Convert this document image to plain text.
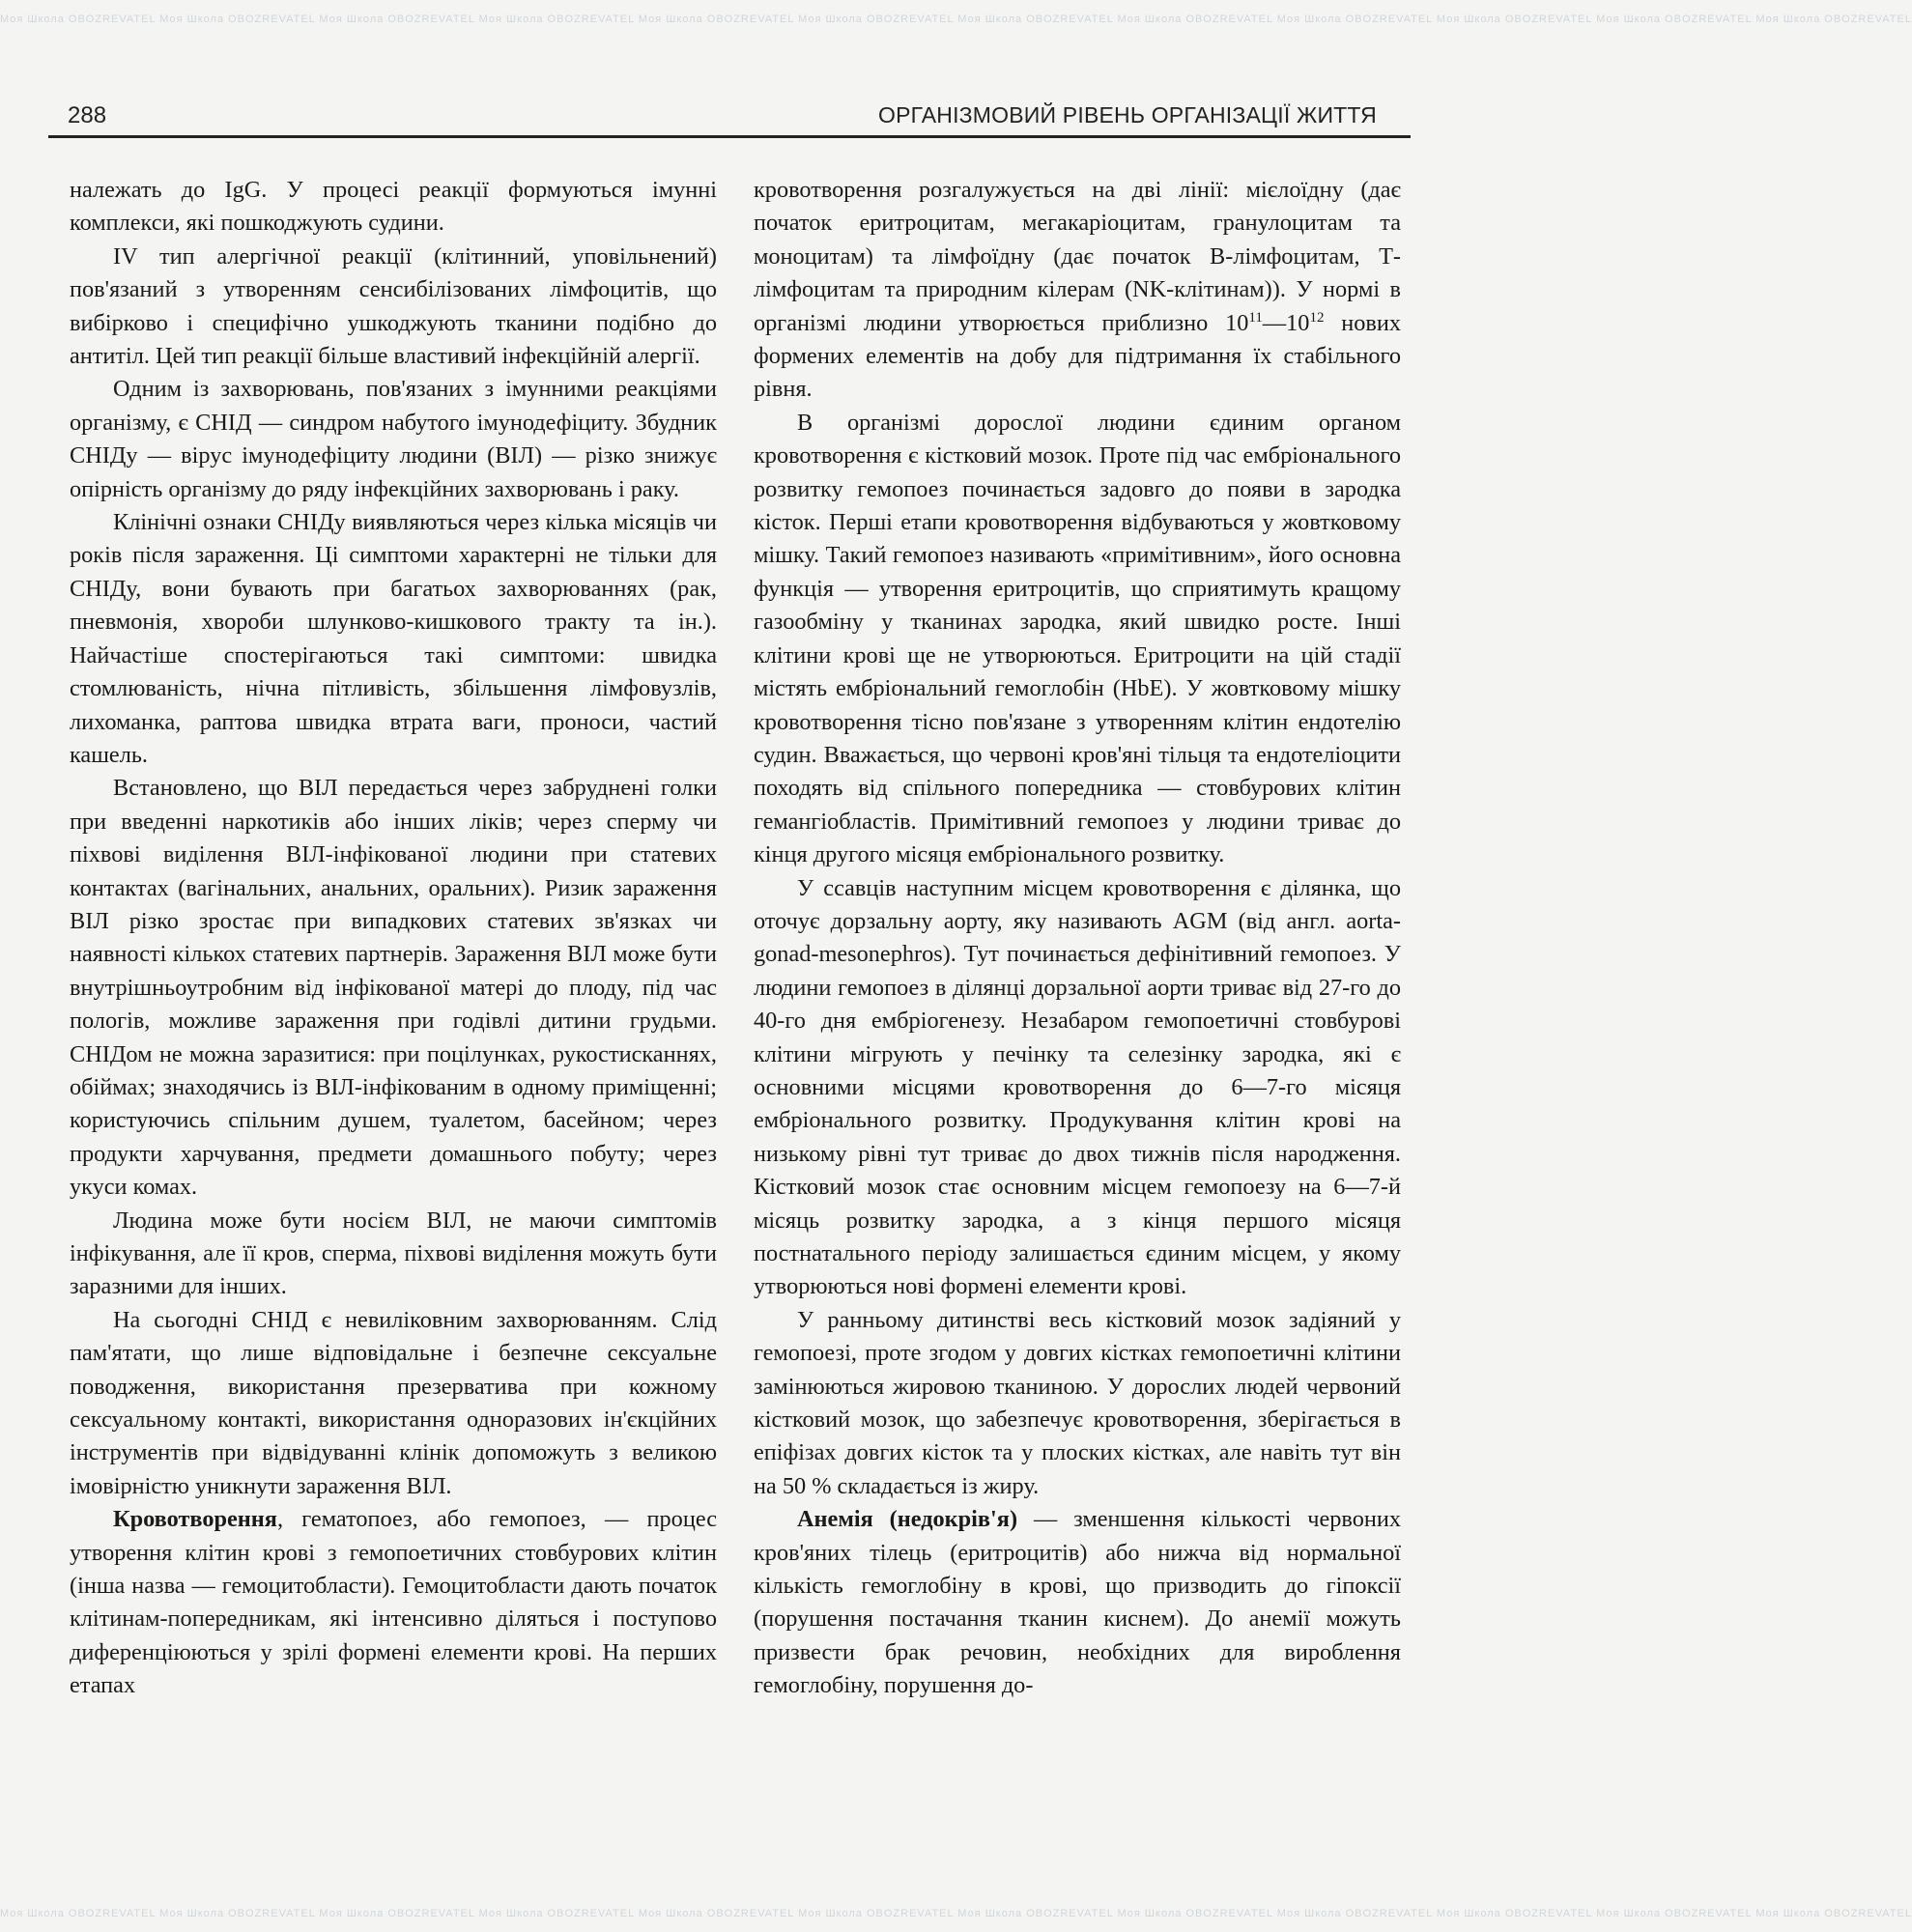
Моя Школа OBOZREVATEL Моя Школа OBOZREVATEL Моя Школа OBOZREVATEL Моя Школа OBOZREVATEL Моя Школа OBOZREVATEL Моя Школа OBOZREVATEL Моя Школа OBOZREVATEL Моя Школа OBOZREVATEL Моя Школа OBOZREVATEL Моя Школа OBOZREVATEL Моя Школа OBOZREVATEL Моя Школа OBOZREVATEL
Моя Школа OBOZREVATEL Моя Школа OBOZREVATEL Моя Школа OBOZREVATEL Моя Школа OBOZREVATEL Моя Школа OBOZREVATEL Моя Школа OBOZREVATEL Моя Школа OBOZREVATEL Моя Школа OBOZREVATEL Моя Школа OBOZREVATEL Моя Школа OBOZREVATEL Моя Школа OBOZREVATEL Моя Школа OBOZREVATEL
288	ОРГАНІЗМОВИЙ РІВЕНЬ ОРГАНІЗАЦІЇ ЖИТТЯ

належать до IgG. У процесі реакції формуються імунні комплекси, які пошкоджують судини.

IV тип алергічної реакції (клітинний, уповільнений) пов'язаний з утворенням сенсибілізованих лімфоцитів, що вибірково і специфічно ушкоджують тканини подібно до антитіл. Цей тип реакції більше властивий інфекційній алергії.

Одним із захворювань, пов'язаних з імунними реакціями організму, є СНІД — синдром набутого імунодефіциту. Збудник СНІДу — вірус імунодефіциту людини (ВІЛ) — різко знижує опірність організму до ряду інфекційних захворювань і раку.

Клінічні ознаки СНІДу виявляються через кілька місяців чи років після зараження. Ці симптоми характерні не тільки для СНІДу, вони бувають при багатьох захворюваннях (рак, пневмонія, хвороби шлунково-кишкового тракту та ін.). Найчастіше спостерігаються такі симптоми: швидка стомлюваність, нічна пітливість, збільшення лімфовузлів, лихоманка, раптова швидка втрата ваги, проноси, частий кашель.

Встановлено, що ВІЛ передається через забруднені голки при введенні наркотиків або інших ліків; через сперму чи піхвові виділення ВІЛ-інфікованої людини при статевих контактах (вагінальних, анальних, оральних). Ризик зараження ВІЛ різко зростає при випадкових статевих зв'язках чи наявності кількох статевих партнерів. Зараження ВІЛ може бути внутрішньоутробним від інфікованої матері до плоду, під час пологів, можливе зараження при годівлі дитини грудьми. СНІДом не можна заразитися: при поцілунках, рукостисканнях, обіймах; знаходячись із ВІЛ-інфікованим в одному приміщенні; користуючись спільним душем, туалетом, басейном; через продукти харчування, предмети домашнього побуту; через укуси комах.

Людина може бути носієм ВІЛ, не маючи симптомів інфікування, але її кров, сперма, піхвові виділення можуть бути заразними для інших.

На сьогодні СНІД є невиліковним захворюванням. Слід пам'ятати, що лише відповідальне і безпечне сексуальне поводження, використання презерватива при кожному сексуальному контакті, використання одноразових ін'єкційних інструментів при відвідуванні клінік допоможуть з великою імовірністю уникнути зараження ВІЛ.

Кровотворення, гематопоез, або гемопоез, — процес утворення клітин крові з гемопоетичних стовбурових клітин (інша назва — гемоцитобласти). Гемоцитобласти дають початок клітинам-попередникам, які інтенсивно діляться і поступово диференціюються у зрілі формені елементи крові. На перших етапах

кровотворення розгалужується на дві лінії: мієлоїдну (дає початок еритроцитам, мегакаріоцитам, гранулоцитам та моноцитам) та лімфоїдну (дає початок В-лімфоцитам, Т-лімфоцитам та природним кілерам (NK-клітинам)). У нормі в організмі людини утворюється приблизно $10^{11}—10^{12}$ нових формених елементів на добу для підтримання їх стабільного рівня.

В організмі дорослої людини єдиним органом кровотворення є кістковий мозок. Проте під час ембріонального розвитку гемопоез починається задовго до появи в зародка кісток. Перші етапи кровотворення відбуваються у жовтковому мішку. Такий гемопоез називають «примітивним», його основна функція — утворення еритроцитів, що сприятимуть кращому газообміну у тканинах зародка, який швидко росте. Інші клітини крові ще не утворюються. Еритроцити на цій стадії містять ембріональний гемоглобін (HbE). У жовтковому мішку кровотворення тісно пов'язане з утворенням клітин ендотелію судин. Вважається, що червоні кров'яні тільця та ендотеліоцити походять від спільного попередника — стовбурових клітин гемангіобластів. Примітивний гемопоез у людини триває до кінця другого місяця ембріонального розвитку.

У ссавців наступним місцем кровотворення є ділянка, що оточує дорзальну аорту, яку називають AGM (від англ. aorta-gonad-mesonephros). Тут починається дефінітивний гемопоез. У людини гемопоез в ділянці дорзальної аорти триває від 27-го до 40-го дня ембріогенезу. Незабаром гемопоетичні стовбурові клітини мігрують у печінку та селезінку зародка, які є основними місцями кровотворення до 6—7-го місяця ембріонального розвитку. Продукування клітин крові на низькому рівні тут триває до двох тижнів після народження. Кістковий мозок стає основним місцем гемопоезу на 6—7-й місяць розвитку зародка, а з кінця першого місяця постнатального періоду залишається єдиним місцем, у якому утворюються нові формені елементи крові.

У ранньому дитинстві весь кістковий мозок задіяний у гемопоезі, проте згодом у довгих кістках гемопоетичні клітини замінюються жировою тканиною. У дорослих людей червоний кістковий мозок, що забезпечує кровотворення, зберігається в епіфізах довгих кісток та у плоских кістках, але навіть тут він на 50 % складається із жиру.

Анемія (недокрів'я) — зменшення кількості червоних кров'яних тілець (еритроцитів) або нижча від нормальної кількість гемоглобіну в крові, що призводить до гіпоксії (порушення постачання тканин киснем). До анемії можуть призвести брак речовин, необхідних для вироблення гемоглобіну, порушення до-
